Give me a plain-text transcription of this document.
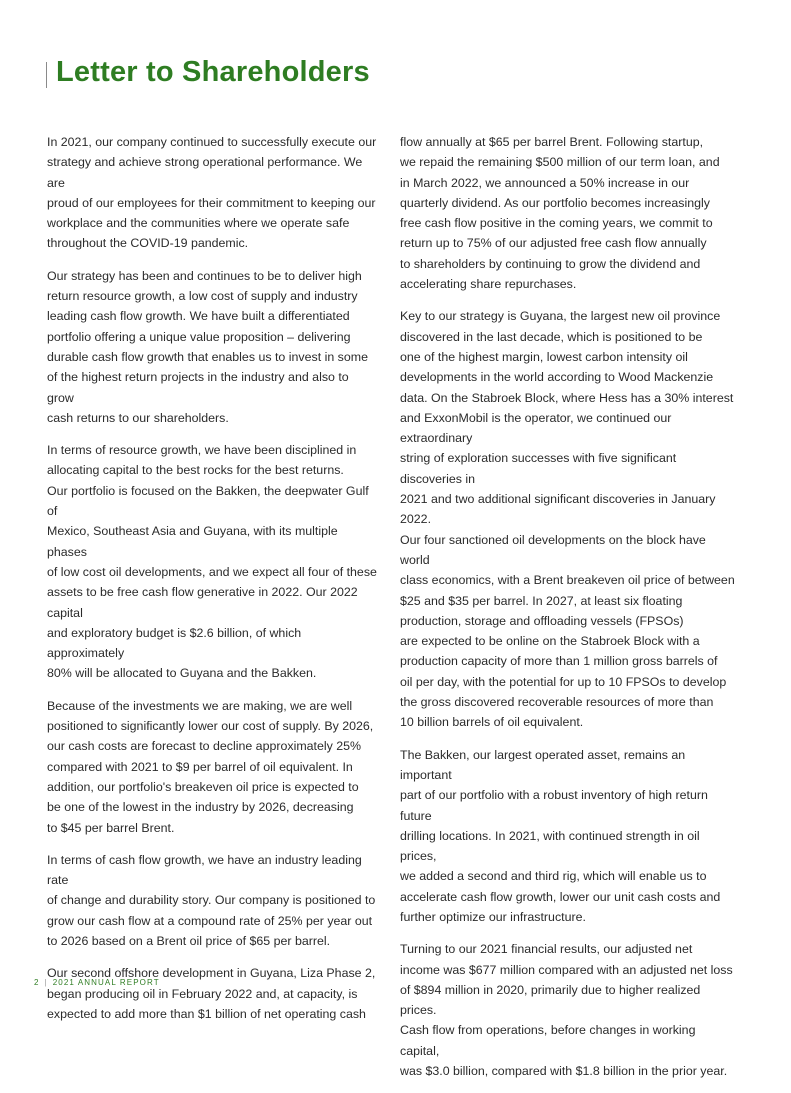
Letter to Shareholders

In 2021, our company continued to successfully execute our
strategy and achieve strong operational performance. We are
proud of our employees for their commitment to keeping our
workplace and the communities where we operate safe
throughout the COVID-19 pandemic.

Our strategy has been and continues to be to deliver high
return resource growth, a low cost of supply and industry
leading cash flow growth. We have built a differentiated
portfolio offering a unique value proposition – delivering
durable cash flow growth that enables us to invest in some
of the highest return projects in the industry and also to grow
cash returns to our shareholders.

In terms of resource growth, we have been disciplined in
allocating capital to the best rocks for the best returns.
Our portfolio is focused on the Bakken, the deepwater Gulf of
Mexico, Southeast Asia and Guyana, with its multiple phases
of low cost oil developments, and we expect all four of these
assets to be free cash flow generative in 2022. Our 2022 capital
and exploratory budget is $2.6 billion, of which approximately
80% will be allocated to Guyana and the Bakken.

Because of the investments we are making, we are well
positioned to significantly lower our cost of supply. By 2026,
our cash costs are forecast to decline approximately 25%
compared with 2021 to $9 per barrel of oil equivalent. In
addition, our portfolio's breakeven oil price is expected to
be one of the lowest in the industry by 2026, decreasing
to $45 per barrel Brent.

In terms of cash flow growth, we have an industry leading rate
of change and durability story. Our company is positioned to
grow our cash flow at a compound rate of 25% per year out
to 2026 based on a Brent oil price of $65 per barrel.

Our second offshore development in Guyana, Liza Phase 2,
began producing oil in February 2022 and, at capacity, is
expected to add more than $1 billion of net operating cash

flow annually at $65 per barrel Brent. Following startup,
we repaid the remaining $500 million of our term loan, and
in March 2022, we announced a 50% increase in our
quarterly dividend. As our portfolio becomes increasingly
free cash flow positive in the coming years, we commit to
return up to 75% of our adjusted free cash flow annually
to shareholders by continuing to grow the dividend and
accelerating share repurchases.

Key to our strategy is Guyana, the largest new oil province
discovered in the last decade, which is positioned to be
one of the highest margin, lowest carbon intensity oil
developments in the world according to Wood Mackenzie
data. On the Stabroek Block, where Hess has a 30% interest
and ExxonMobil is the operator, we continued our extraordinary
string of exploration successes with five significant discoveries in
2021 and two additional significant discoveries in January 2022.
Our four sanctioned oil developments on the block have world
class economics, with a Brent breakeven oil price of between
$25 and $35 per barrel. In 2027, at least six floating
production, storage and offloading vessels (FPSOs)
are expected to be online on the Stabroek Block with a
production capacity of more than 1 million gross barrels of
oil per day, with the potential for up to 10 FPSOs to develop
the gross discovered recoverable resources of more than
10 billion barrels of oil equivalent.

The Bakken, our largest operated asset, remains an important
part of our portfolio with a robust inventory of high return future
drilling locations. In 2021, with continued strength in oil prices,
we added a second and third rig, which will enable us to
accelerate cash flow growth, lower our unit cash costs and
further optimize our infrastructure.

Turning to our 2021 financial results, our adjusted net
income was $677 million compared with an adjusted net loss
of $894 million in 2020, primarily due to higher realized prices.
Cash flow from operations, before changes in working capital,
was $3.0 billion, compared with $1.8 billion in the prior year.

2 | 2021 ANNUAL REPORT
